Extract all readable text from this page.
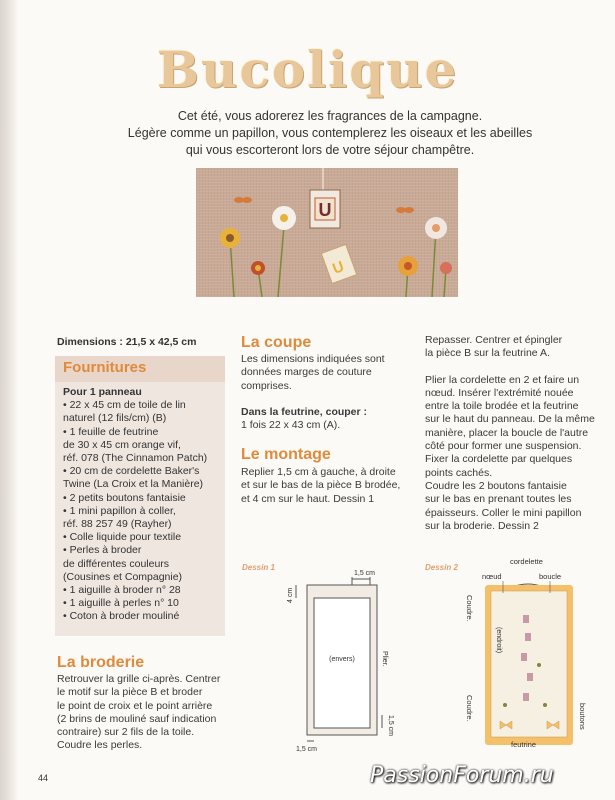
Bucolique
Cet été, vous adorerez les fragrances de la campagne.
Légère comme un papillon, vous contemplerez les oiseaux et les abeilles
qui vous escorteront lors de votre séjour champêtre.
U
U
Dimensions : 21,5 x 42,5 cm
Fournitures
Pour 1 panneau
• 22 x 45 cm de toile de lin
naturel (12 fils/cm) (B)
• 1 feuille de feutrine
de 30 x 45 cm orange vif,
réf. 078 (The Cinnamon Patch)
• 20 cm de cordelette Baker's
Twine (La Croix et la Manière)
• 2 petits boutons fantaisie
• 1 mini papillon à coller,
réf. 88 257 49 (Rayher)
• Colle liquide pour textile
• Perles à broder
de différentes couleurs
(Cousines et Compagnie)
• 1 aiguille à broder n° 28
• 1 aiguille à perles n° 10
• Coton à broder mouliné
La broderie
Retrouver la grille ci-après. Centrer
le motif sur la pièce B et broder
le point de croix et le point arrière
(2 brins de mouliné sauf indication
contraire) sur 2 fils de la toile.
Coudre les perles.
La coupe
Les dimensions indiquées sont
données marges de couture
comprises.
Dans la feutrine, couper :
1 fois 22 x 43 cm (A).
Le montage
Replier 1,5 cm à gauche, à droite
et sur le bas de la pièce B brodée,
et 4 cm sur le haut. Dessin 1
Repasser. Centrer et épingler
la pièce B sur la feutrine A.
Plier la cordelette en 2 et faire un
nœud. Insérer l'extrémité nouée
entre la toile brodée et la feutrine
sur le haut du panneau. De la même
manière, placer la boucle de l'autre
côté pour former une suspension.
Fixer la cordelette par quelques
points cachés.
Coudre les 2 boutons fantaisie
sur le bas en prenant toutes les
épaisseurs. Coller le mini papillon
sur la broderie. Dessin 2
Dessin 1
1,5 cm
4 cm
(envers)	Plier.
1,5 cm
1,5 cm
Dessin 2
cordelette
nœud	boucle
Coudre.
(endroit)
Coudre.	boutons
feutrine
44	PassionForum.ru
